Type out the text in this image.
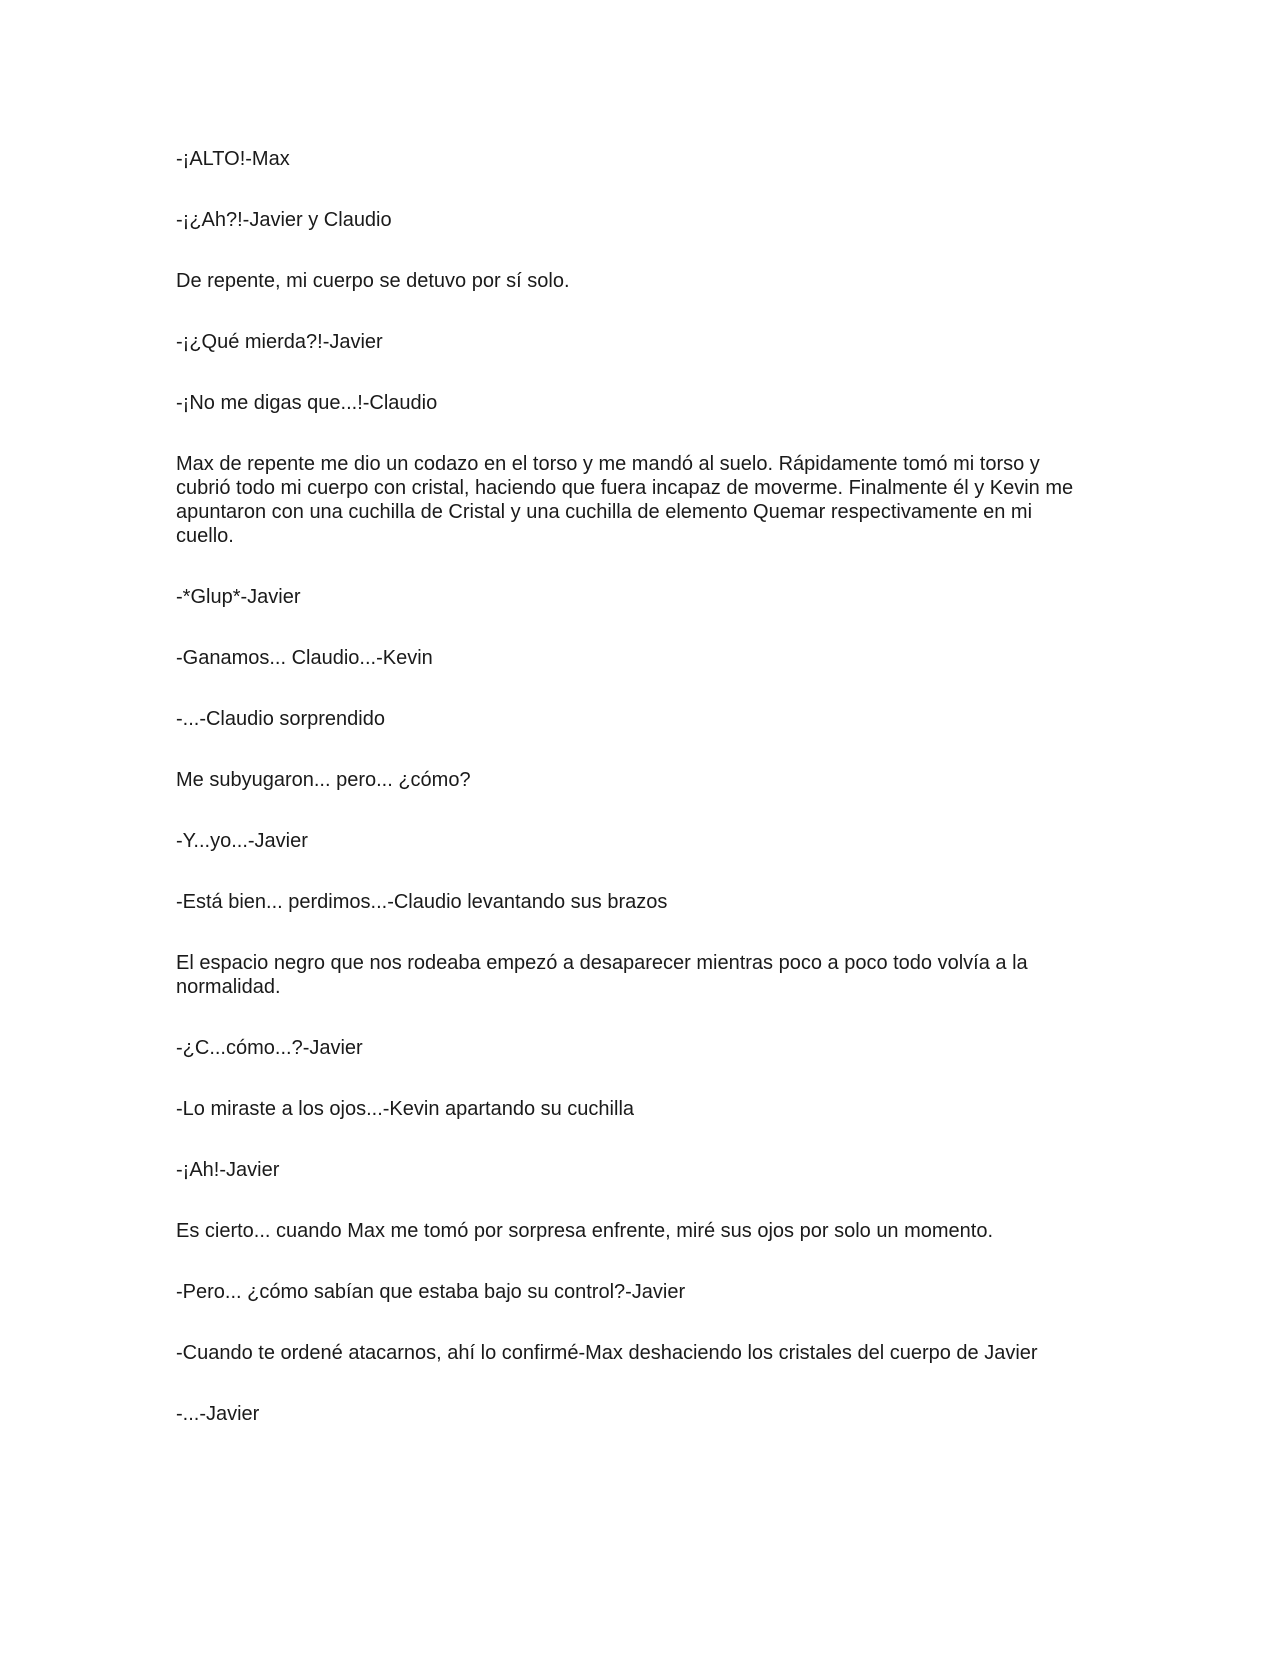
-¡ALTO!-Max

-¡¿Ah?!-Javier y Claudio

De repente, mi cuerpo se detuvo por sí solo.

-¡¿Qué mierda?!-Javier

-¡No me digas que...!-Claudio

Max de repente me dio un codazo en el torso y me mandó al suelo. Rápidamente tomó mi torso y cubrió todo mi cuerpo con cristal, haciendo que fuera incapaz de moverme. Finalmente él y Kevin me apuntaron con una cuchilla de Cristal y una cuchilla de elemento Quemar respectivamente en mi cuello.

-*Glup*-Javier

-Ganamos... Claudio...-Kevin

-...-Claudio sorprendido

Me subyugaron... pero... ¿cómo?

-Y...yo...-Javier

-Está bien... perdimos...-Claudio levantando sus brazos

El espacio negro que nos rodeaba empezó a desaparecer mientras poco a poco todo volvía a la normalidad.

-¿C...cómo...?-Javier

-Lo miraste a los ojos...-Kevin apartando su cuchilla

-¡Ah!-Javier

Es cierto... cuando Max me tomó por sorpresa enfrente, miré sus ojos por solo un momento.

-Pero... ¿cómo sabían que estaba bajo su control?-Javier

-Cuando te ordené atacarnos, ahí lo confirmé-Max deshaciendo los cristales del cuerpo de Javier

-...-Javier
